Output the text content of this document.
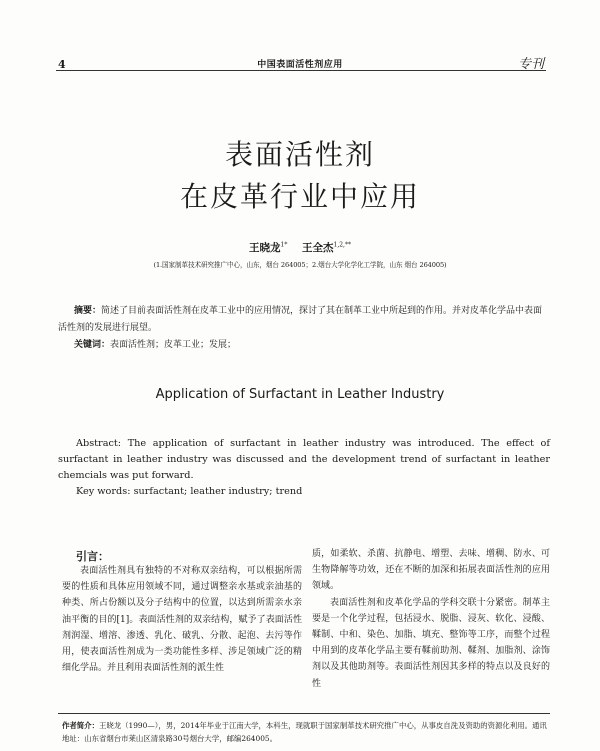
4	中国表面活性剂应用	专刊
表面活性剂
在皮革行业中应用
王晓龙$^{1*}$ 王全杰$^{1,2,**}$
(1.国家制革技术研究推广中心，山东，烟台 264005；2.烟台大学化学化工学院，山东 烟台 264005)
摘要：简述了目前表面活性剂在皮革工业中的应用情况，探讨了其在制革工业中所起到的作用。并对皮革化学品中表面活性剂的发展进行展望。
关键词：表面活性剂；皮革工业；发展；
Application of Surfactant in Leather Industry
Abstract: The application of surfactant in leather industry was introduced. The effect of surfactant in leather industry was discussed and the development trend of surfactant in leather chemcials was put forward.
Key words: surfactant; leather industry; trend
引言：

表面活性剂具有独特的不对称双亲结构，可以根据所需要的性质和具体应用领域不同，通过调整亲水基或亲油基的种类、所占份额以及分子结构中的位置，以达到所需亲水亲油平衡的目的[1]。表面活性剂的双亲结构，赋予了表面活性剂润湿、增溶、渗透、乳化、破乳、分散、起泡、去污等作用，使表面活性剂成为一类功能性多样、涉足领域广泛的精细化学品。并且利用表面活性剂的派生性

质，如柔软、杀菌、抗静电、增塑、去味、增稠、防水、可生物降解等功效，还在不断的加深和拓展表面活性剂的应用领域。

表面活性剂和皮革化学品的学科交联十分紧密。制革主要是一个化学过程，包括浸水、脱脂、浸灰、软化、浸酸、鞣制、中和、染色、加脂、填充、整饰等工序，而整个过程中用到的皮革化学品主要有鞣前助剂、鞣剂、加脂剂、涂饰剂以及其他助剂等。表面活性剂因其多样的特点以及良好的性

作者简介：王晓龙（1990—），男，2014年毕业于江南大学，本科生，现就职于国家制革技术研究推广中心，从事皮自洗及资助的资源化利用。通讯地址：山东省烟台市莱山区清泉路30号烟台大学，邮编264005。
